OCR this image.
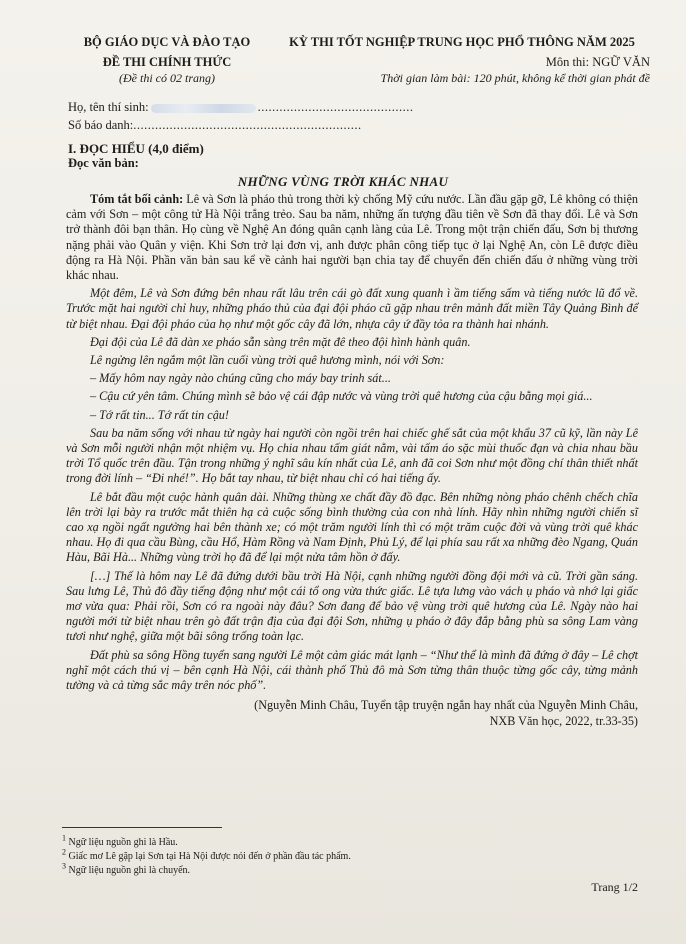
BỘ GIÁO DỤC VÀ ĐÀO TẠO
ĐỀ THI CHÍNH THỨC
(Đề thi có 02 trang)
KỲ THI TỐT NGHIỆP TRUNG HỌC PHỔ THÔNG NĂM 2025
Môn thi: NGỮ VĂN
Thời gian làm bài: 120 phút, không kể thời gian phát đề
Họ, tên thí sinh:	...........................................
Số báo danh:...............................................................
I. ĐỌC HIỂU (4,0 điểm)
Đọc văn bản:
NHỮNG VÙNG TRỜI KHÁC NHAU

Tóm tắt bối cảnh: Lê và Sơn là pháo thủ trong thời kỳ chống Mỹ cứu nước. Lần đầu gặp gỡ, Lê không có thiện cảm với Sơn – một công tử Hà Nội trắng trẻo. Sau ba năm, những ấn tượng đầu tiên về Sơn đã thay đổi. Lê và Sơn trở thành đôi bạn thân. Họ cùng về Nghệ An đóng quân cạnh làng của Lê. Trong một trận chiến đấu, Sơn bị thương nặng phải vào Quân y viện. Khi Sơn trở lại đơn vị, anh được phân công tiếp tục ở lại Nghệ An, còn Lê được điều động ra Hà Nội. Phần văn bản sau kể về cảnh hai người bạn chia tay để chuyển đến chiến đấu ở những vùng trời khác nhau.

Một đêm, Lê và Sơn đứng bên nhau rất lâu trên cái gò đất xung quanh ì ầm tiếng sấm và tiếng nước lũ đổ về. Trước mặt hai người chỉ huy, những pháo thủ của đại đội pháo cũ gặp nhau trên mảnh đất miền Tây Quảng Bình để từ biệt nhau. Đại đội pháo của họ như một gốc cây đã lớn, nhựa cây ứ đầy tỏa ra thành hai nhánh.

Đại đội của Lê đã dàn xe pháo sẵn sàng trên mặt đê theo đội hình hành quân.

Lê ngửng lên ngắm một lần cuối vùng trời quê hương mình, nói với Sơn:

– Mấy hôm nay ngày nào chúng cũng cho máy bay trinh sát...

– Cậu cứ yên tâm. Chúng mình sẽ bảo vệ cái đập nước và vùng trời quê hương của cậu bằng mọi giá...

– Tớ rất tin... Tớ rất tin cậu!

Sau ba năm sống với nhau từ ngày hai người còn ngồi trên hai chiếc ghế sắt của một khẩu 37 cũ kỹ, lần này Lê và Sơn mỗi người nhận một nhiệm vụ. Họ chia nhau tấm giát nằm, vài tấm áo sặc mùi thuốc đạn và chia nhau bầu trời Tổ quốc trên đầu. Tận trong những ý nghĩ sâu kín nhất của Lê, anh đã coi Sơn như một đồng chí thân thiết nhất trong đời lính – “Đi nhé!”. Họ bắt tay nhau, từ biệt nhau chỉ có hai tiếng ấy.

Lê bắt đầu một cuộc hành quân dài. Những thùng xe chất đầy đồ đạc. Bên những nòng pháo chênh chếch chĩa lên trời lại bày ra trước mắt thiên hạ cả cuộc sống bình thường của con nhà lính. Hãy nhìn những người chiến sĩ cao xạ ngồi ngất ngưởng hai bên thành xe; có một trăm người lính thì có một trăm cuộc đời và vùng trời quê khác nhau. Họ đi qua cầu Bùng, cầu Hổ, Hàm Rồng và Nam Định, Phủ Lý, để lại phía sau rất xa những đèo Ngang, Quán Hàu, Bãi Hà... Những vùng trời họ đã để lại một nửa tâm hồn ở đấy.

[…] Thế là hôm nay Lê đã đứng dưới bầu trời Hà Nội, cạnh những người đồng đội mới và cũ. Trời gần sáng. Sau lưng Lê, Thủ đô đầy tiếng động như một cái tổ ong vừa thức giấc. Lê tựa lưng vào vách ụ pháo và nhớ lại giấc mơ vừa qua: Phải rồi, Sơn có ra ngoài này đâu? Sơn đang để bảo vệ vùng trời quê hương của Lê. Ngày nào hai người mới từ biệt nhau trên gò đất trận địa của đại đội Sơn, những ụ pháo ở đây đắp bằng phù sa sông Lam vàng tươi như nghệ, giữa một bãi sông trống toàn lạc.

Đất phù sa sông Hồng tuyển sang người Lê một cảm giác mát lạnh – “Như thể là mình đã đứng ở đây – Lê chợt nghĩ một cách thú vị – bên cạnh Hà Nội, cái thành phố Thủ đô mà Sơn từng thân thuộc từng gốc cây, từng mảnh tường và cả từng sắc mây trên nóc phố”.

(Nguyễn Minh Châu, Tuyển tập truyện ngắn hay nhất của Nguyễn Minh Châu,
NXB Văn học, 2022, tr.33-35)
$^1$ Ngữ liệu nguồn ghi là Hầu.
$^2$ Giấc mơ Lê gặp lại Sơn tại Hà Nội được nói đến ở phần đầu tác phẩm.
$^3$ Ngữ liệu nguồn ghi là chuyển.
Trang 1/2
